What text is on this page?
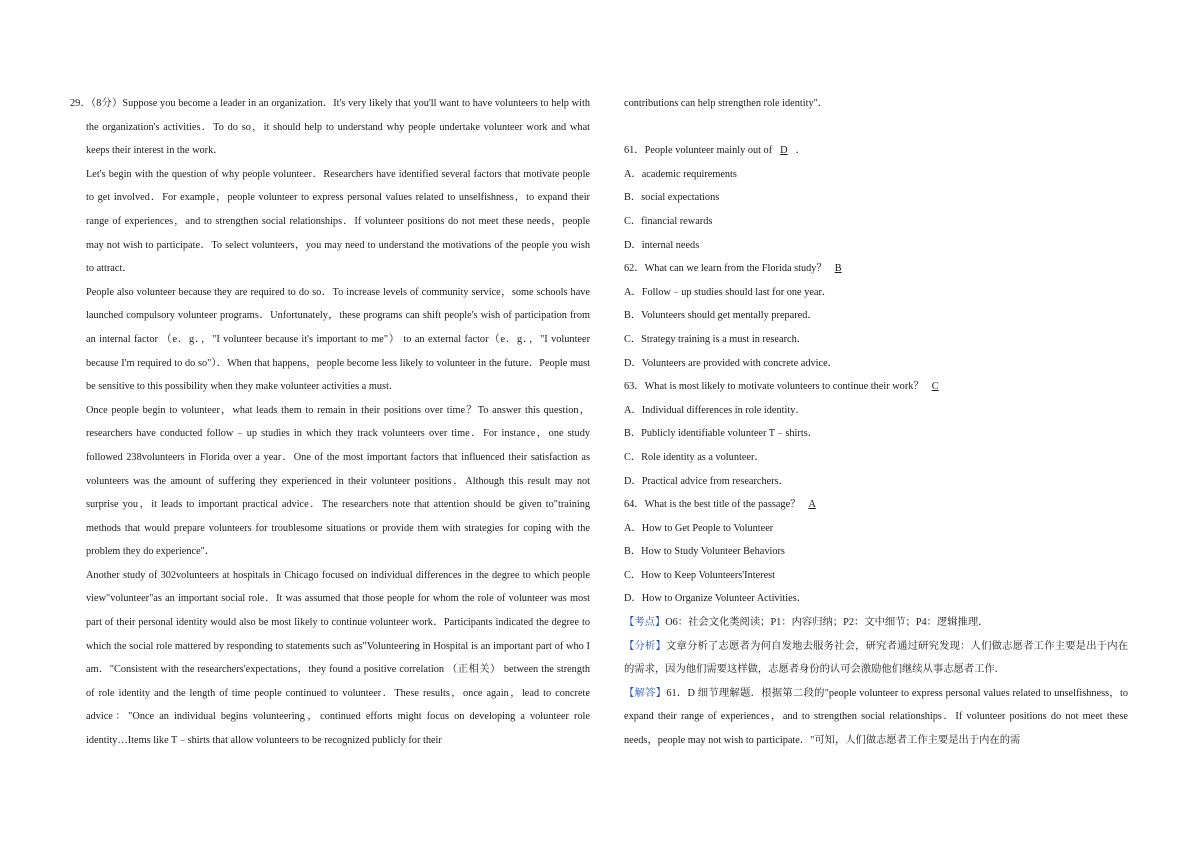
29．（8分）Suppose you become a leader in an organization．It's very likely that you'll want to have volunteers to help with the organization's activities．To do so，it should help to understand why people undertake volunteer work and what keeps their interest in the work．
Let's begin with the question of why people volunteer．Researchers have identified several factors that motivate people to get involved．For example，people volunteer to express personal values related to unselfishness，to expand their range of experiences，and to strengthen social relationships．If volunteer positions do not meet these needs，people may not wish to participate．To select volunteers，you may need to understand the motivations of the people you wish to attract．
People also volunteer because they are required to do so．To increase levels of community service，some schools have launched compulsory volunteer programs．Unfortunately，these programs can shift people's wish of participation from an internal factor （e．g．，"I volunteer because it's important to me"） to an external factor（e．g．，"I volunteer because I'm required to do so"）．When that happens，people become less likely to volunteer in the future．People must be sensitive to this possibility when they make volunteer activities a must．
Once people begin to volunteer，what leads them to remain in their positions over time？To answer this question，researchers have conducted follow﹣up studies in which they track volunteers over time．For instance，one study followed 238volunteers in Florida over a year．One of the most important factors that influenced their satisfaction as volunteers was the amount of suffering they experienced in their volunteer positions．Although this result may not surprise you，it leads to important practical advice．The researchers note that attention should be given to"training methods that would prepare volunteers for troublesome situations or provide them with strategies for coping with the problem they do experience"．
Another study of 302volunteers at hospitals in Chicago focused on individual differences in the degree to which people view"volunteer"as an important social role．It was assumed that those people for whom the role of volunteer was most part of their personal identity would also be most likely to continue volunteer work．Participants indicated the degree to which the social role mattered by responding to statements such as"Volunteering in Hospital is an important part of who I am．"Consistent with the researchers'expectations，they found a positive correlation （正相关） between the strength of role identity and the length of time people continued to volunteer．These results，once again，lead to concrete advice："Once an individual begins volunteering，continued efforts might focus on developing a volunteer role identity…Items like T﹣shirts that allow volunteers to be recognized publicly for their
contributions can help strengthen role identity"．
61．People volunteer mainly out of D ．
A．academic requirements
B．social expectations
C．financial rewards
D．internal needs
62．What can we learn from the Florida study？ B
A．Follow﹣up studies should last for one year．
B．Volunteers should get mentally prepared．
C．Strategy training is a must in research．
D．Volunteers are provided with concrete advice．
63．What is most likely to motivate volunteers to continue their work？ C
A．Individual differences in role identity．
B．Publicly identifiable volunteer T﹣shirts．
C．Role identity as a volunteer．
D．Practical advice from researchers．
64．What is the best title of the passage？ A
A．How to Get People to Volunteer
B．How to Study Volunteer Behaviors
C．How to Keep Volunteers'Interest
D．How to Organize Volunteer Activities．
【考点】O6：社会文化类阅读；P1：内容归纳；P2：文中细节；P4：逻辑推理．
【分析】文章分析了志愿者为何自发地去服务社会，研究者通过研究发现：人们做志愿者工作主要是出于内在的需求，因为他们需要这样做，志愿者身份的认可会激励他们继续从事志愿者工作．
【解答】61．D 细节理解题．根据第二段的"people volunteer to express personal values related to unselfishness，to expand their range of experiences，and to strengthen social relationships．If volunteer positions do not meet these needs，people may not wish to participate．"可知，人们做志愿者工作主要是出于内在的需
